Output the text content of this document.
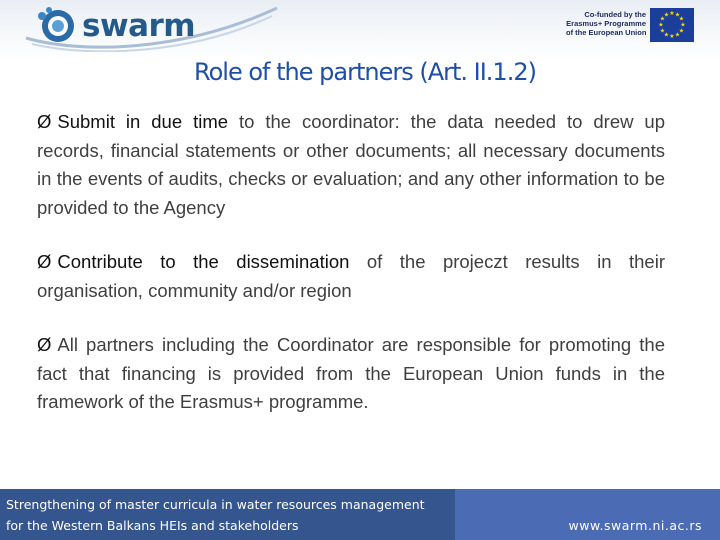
swarm	Co-funded by the
Erasmus+ Programme
of the European Union
★ ★
★
★
★
★
★
★
★
★
★
★
Role of the partners (Art. II.1.2)

Ø Submit in due time to the coordinator: the data needed to drew up records, financial statements or other documents; all necessary documents in the events of audits, checks or evaluation; and any other information to be provided to the Agency

Ø Contribute to the dissemination of the projeczt results in their organisation, community and/or region

Ø All partners including the Coordinator are responsible for promoting the fact that financing is provided from the European Union funds in the framework of the Erasmus+ programme.

Strengthening of master curricula in water resources management
for the Western Balkans HEIs and stakeholders	www.swarm.ni.ac.rs
